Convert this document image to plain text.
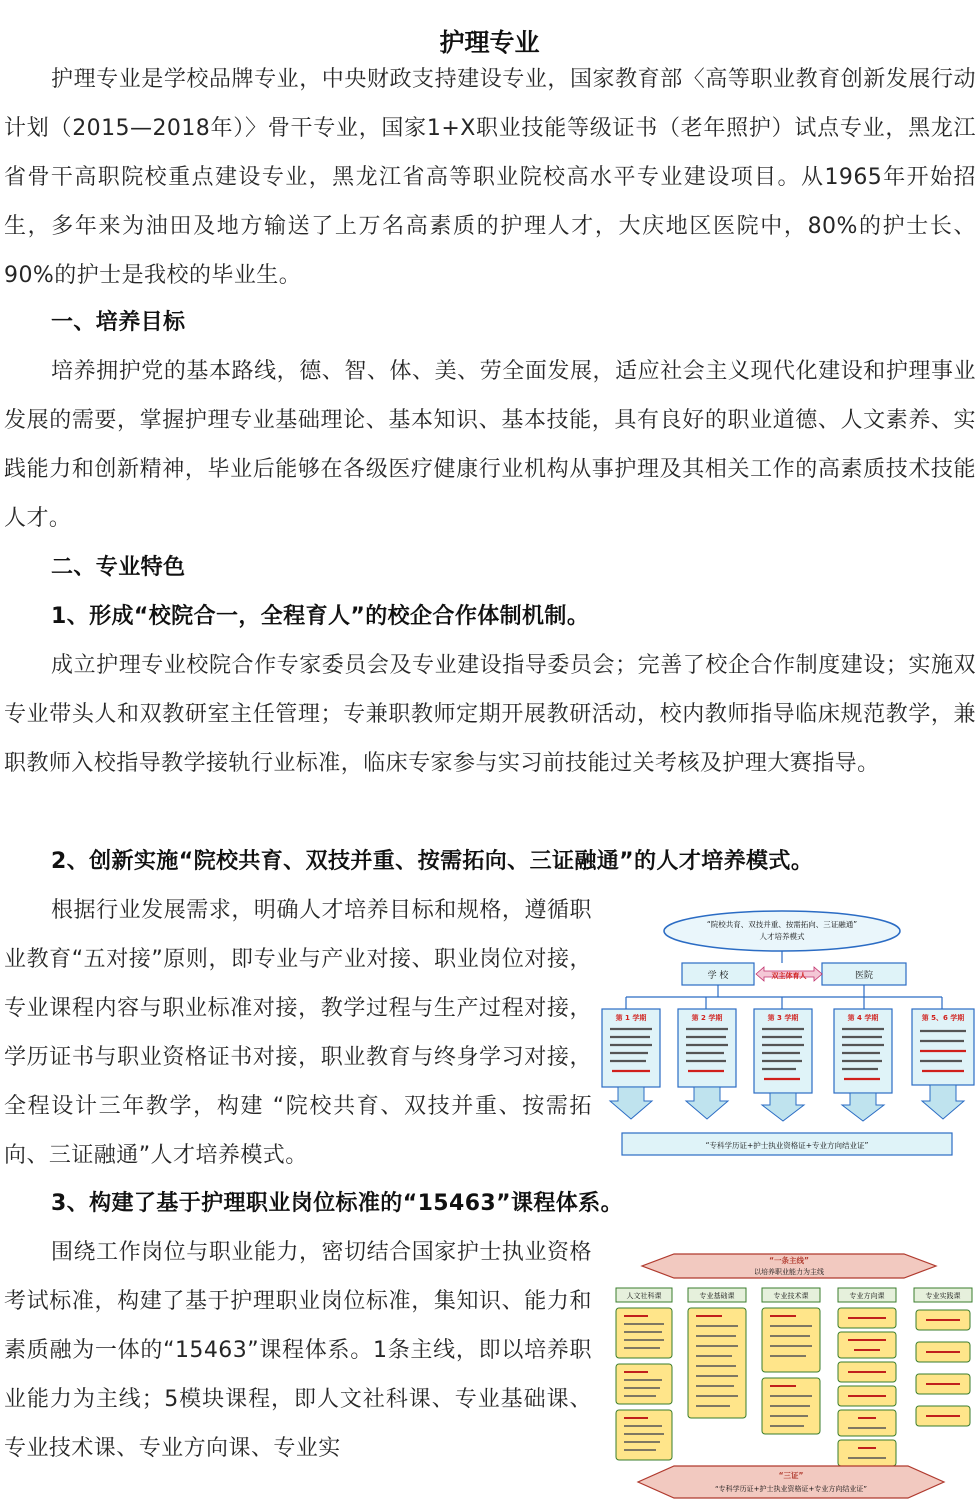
护理专业

护理专业是学校品牌专业，中央财政支持建设专业，国家教育部〈高等职业教育创新发展行动计划（2015—2018年）〉骨干专业，国家1+X职业技能等级证书（老年照护）试点专业，黑龙江省骨干高职院校重点建设专业，黑龙江省高等职业院校高水平专业建设项目。从1965年开始招生，多年来为油田及地方输送了上万名高素质的护理人才，大庆地区医院中，80%的护士长、90%的护士是我校的毕业生。

一、培养目标

培养拥护党的基本路线，德、智、体、美、劳全面发展，适应社会主义现代化建设和护理事业发展的需要，掌握护理专业基础理论、基本知识、基本技能，具有良好的职业道德、人文素养、实践能力和创新精神，毕业后能够在各级医疗健康行业机构从事护理及其相关工作的高素质技术技能人才。

二、专业特色
1、形成“校院合一，全程育人”的校企合作体制机制。

成立护理专业校院合作专家委员会及专业建设指导委员会；完善了校企合作制度建设；实施双专业带头人和双教研室主任管理；专兼职教师定期开展教研活动，校内教师指导临床规范教学，兼职教师入校指导教学接轨行业标准，临床专家参与实习前技能过关考核及护理大赛指导。

2、创新实施“院校共育、双技并重、按需拓向、三证融通”的人才培养模式。

根据行业发展需求，明确人才培养目标和规格，遵循职业教育“五对接”原则，即专业与产业对接、职业岗位对接，专业课程内容与职业标准对接，教学过程与生产过程对接，学历证书与职业资格证书对接，职业教育与终身学习对接，全程设计三年教学，构建 “院校共育、双技并重、按需拓向、三证融通”人才培养模式。

3、构建了基于护理职业岗位标准的“15463”课程体系。

围绕工作岗位与职业能力，密切结合国家护士执业资格考试标准，构建了基于护理职业岗位标准，集知识、能力和素质融为一体的“15463”课程体系。1条主线，即以培养职业能力为主线；5模块课程，即人文社科课、专业基础课、专业技术课、专业方向课、专业实

“院校共育、双技并重、按需拓向、三证融通”
人才培养模式
学 校	医院
双主体育人
第 1 学期	第 2 学期	第 3 学期	第 4 学期	第 5、6 学期
“专科学历证+护士执业资格证+专业方向结业证”
“一条主线”
以培养职业能力为主线
人文社科课	专业基础课	专业技术课	专业方向课	专业实践课
“三证”
“专科学历证+护士执业资格证+专业方向结业证”
